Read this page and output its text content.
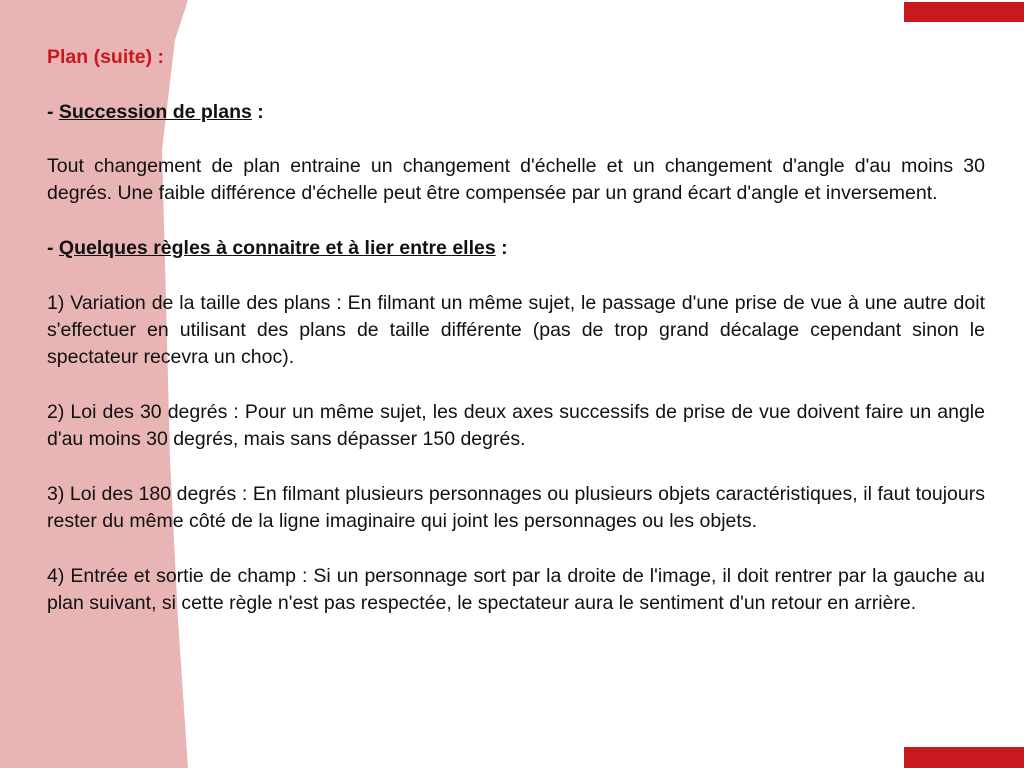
Plan (suite) :

- Succession de plans :

Tout changement de plan entraine un changement d'échelle et un changement d'angle d'au moins 30 degrés. Une faible différence d'échelle peut être compensée par un grand écart d'angle et inversement.

- Quelques règles à connaitre et à lier entre elles :

1) Variation de la taille des plans : En filmant un même sujet, le passage d'une prise de vue à une autre doit s'effectuer en utilisant des plans de taille différente (pas de trop grand décalage cependant sinon le spectateur recevra un choc).

2) Loi des 30 degrés : Pour un même sujet, les deux axes successifs de prise de vue doivent faire un angle d'au moins 30 degrés, mais sans dépasser 150 degrés.

3) Loi des 180 degrés : En filmant plusieurs personnages ou plusieurs objets caractéristiques, il faut toujours rester du même côté de la ligne imaginaire qui joint les personnages ou les objets.

4) Entrée et sortie de champ : Si un personnage sort par la droite de l'image, il doit rentrer par la gauche au plan suivant, si cette règle n'est pas respectée, le spectateur aura le sentiment d'un retour en arrière.
